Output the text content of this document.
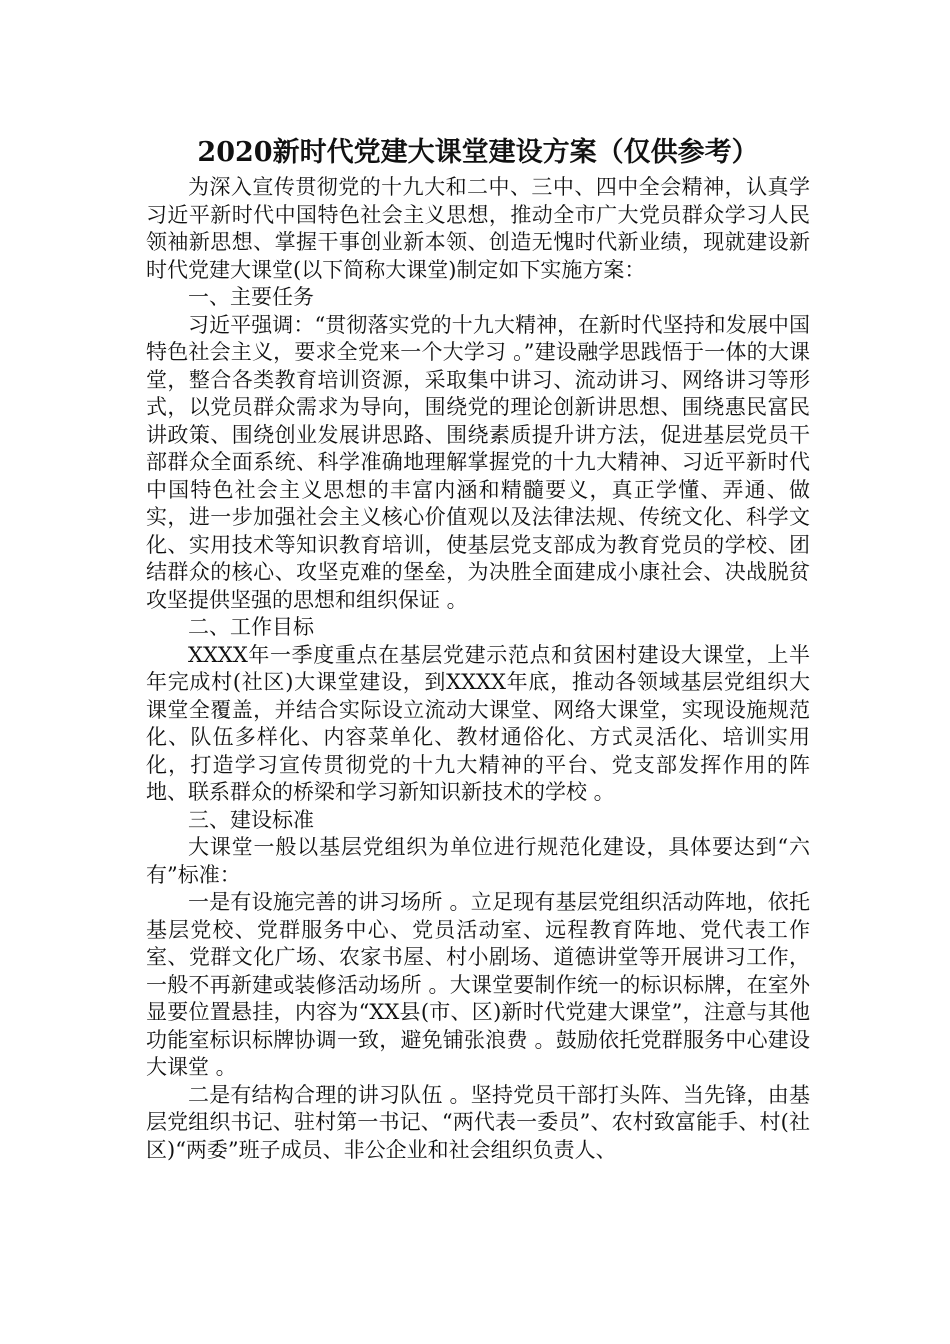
2020新时代党建大课堂建设方案（仅供参考）

为深入宣传贯彻党的十九大和二中、三中、四中全会精神，认真学习近平新时代中国特色社会主义思想，推动全市广大党员群众学习人民领袖新思想、掌握干事创业新本领、创造无愧时代新业绩，现就建设新时代党建大课堂(以下简称大课堂)制定如下实施方案：

一、主要任务

习近平强调：“贯彻落实党的十九大精神，在新时代坚持和发展中国特色社会主义，要求全党来一个大学习 。”建设融学思践悟于一体的大课堂，整合各类教育培训资源，采取集中讲习、流动讲习、网络讲习等形式，以党员群众需求为导向，围绕党的理论创新讲思想、围绕惠民富民讲政策、围绕创业发展讲思路、围绕素质提升讲方法，促进基层党员干部群众全面系统、科学准确地理解掌握党的十九大精神、习近平新时代中国特色社会主义思想的丰富内涵和精髓要义，真正学懂、弄通、做实，进一步加强社会主义核心价值观以及法律法规、传统文化、科学文化、实用技术等知识教育培训，使基层党支部成为教育党员的学校、团结群众的核心、攻坚克难的堡垒，为决胜全面建成小康社会、决战脱贫攻坚提供坚强的思想和组织保证 。

二、工作目标

XXXX年一季度重点在基层党建示范点和贫困村建设大课堂，上半年完成村(社区)大课堂建设，到XXXX年底，推动各领域基层党组织大课堂全覆盖，并结合实际设立流动大课堂、网络大课堂，实现设施规范化、队伍多样化、内容菜单化、教材通俗化、方式灵活化、培训实用化，打造学习宣传贯彻党的十九大精神的平台、党支部发挥作用的阵地、联系群众的桥梁和学习新知识新技术的学校 。

三、建设标准

大课堂一般以基层党组织为单位进行规范化建设，具体要达到“六有”标准：

一是有设施完善的讲习场所 。立足现有基层党组织活动阵地，依托基层党校、党群服务中心、党员活动室、远程教育阵地、党代表工作室、党群文化广场、农家书屋、村小剧场、道德讲堂等开展讲习工作，一般不再新建或装修活动场所 。大课堂要制作统一的标识标牌，在室外显要位置悬挂，内容为“XX县(市、区)新时代党建大课堂”，注意与其他功能室标识标牌协调一致，避免铺张浪费 。鼓励依托党群服务中心建设大课堂 。

二是有结构合理的讲习队伍 。坚持党员干部打头阵、当先锋，由基层党组织书记、驻村第一书记、“两代表一委员”、农村致富能手、村(社区)“两委”班子成员、非公企业和社会组织负责人、
